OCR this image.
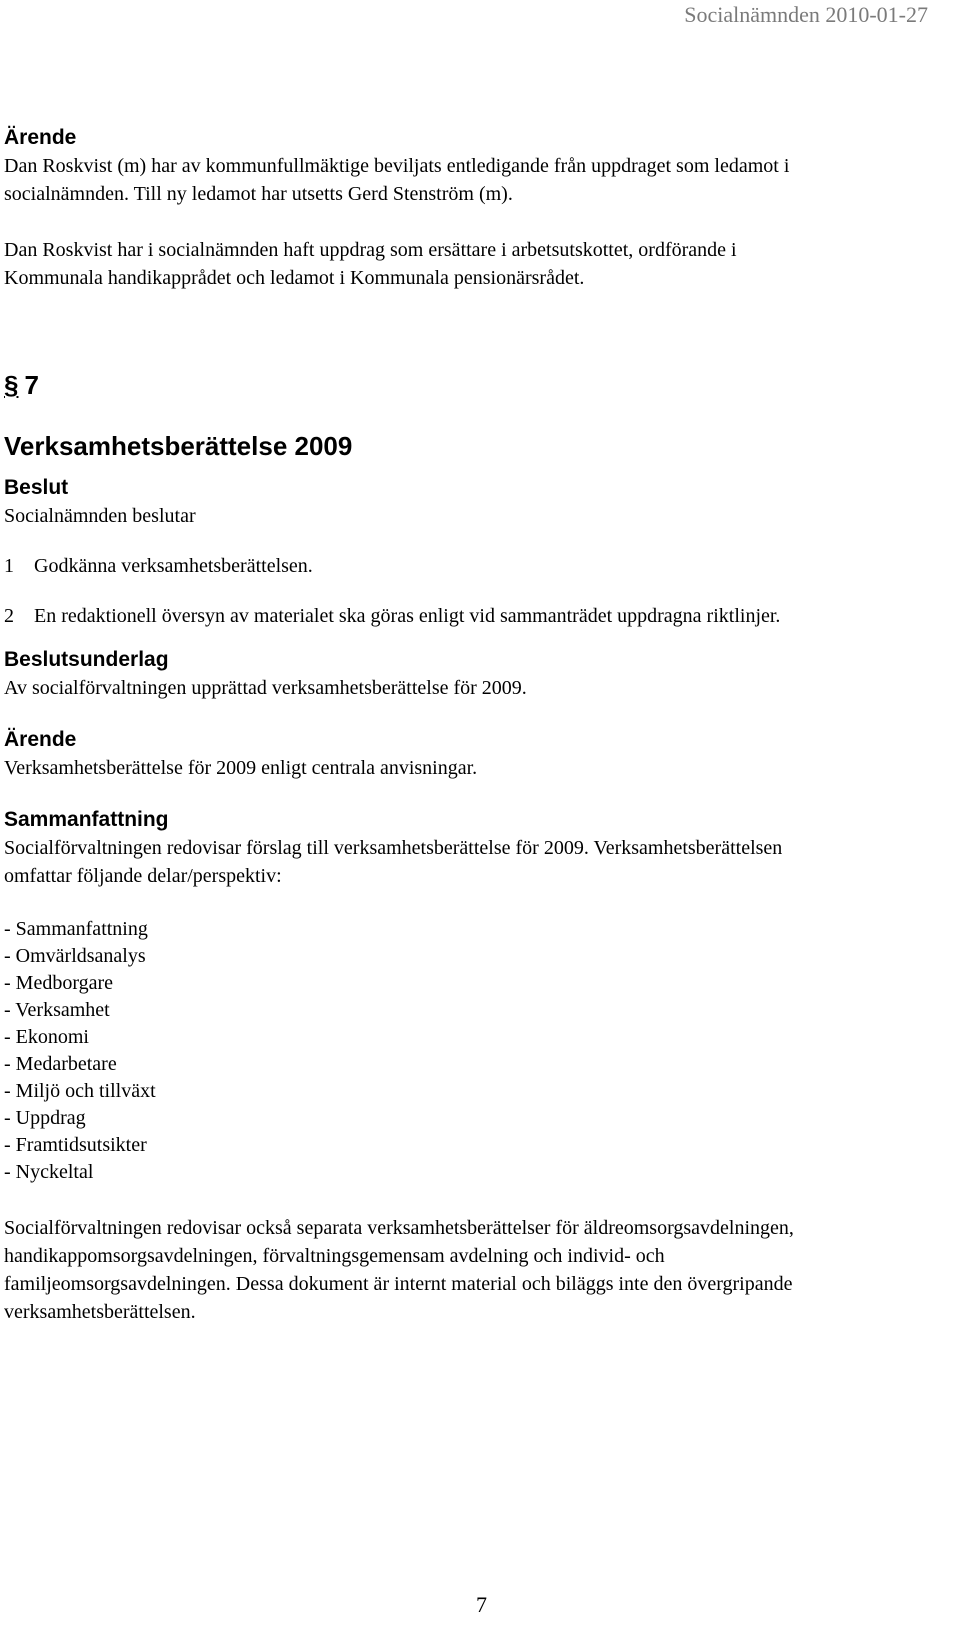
Socialnämnden 2010-01-27

Ärende

Dan Roskvist (m) har av kommunfullmäktige beviljats entledigande från uppdraget som ledamot i

socialnämnden. Till ny ledamot har utsetts Gerd Stenström (m).

Dan Roskvist har i socialnämnden haft uppdrag som ersättare i arbetsutskottet, ordförande i

Kommunala handikapprådet och ledamot i Kommunala pensionärsrådet.

§ 7

Verksamhetsberättelse 2009

Beslut

Socialnämnden beslutar

1 Godkänna verksamhetsberättelsen.

2 En redaktionell översyn av materialet ska göras enligt vid sammanträdet uppdragna riktlinjer.

Beslutsunderlag

Av socialförvaltningen upprättad verksamhetsberättelse för 2009.

Ärende

Verksamhetsberättelse för 2009 enligt centrala anvisningar.

Sammanfattning

Socialförvaltningen redovisar förslag till verksamhetsberättelse för 2009. Verksamhetsberättelsen

omfattar följande delar/perspektiv:

- Sammanfattning
- Omvärldsanalys
- Medborgare
- Verksamhet
- Ekonomi
- Medarbetare
- Miljö och tillväxt
- Uppdrag
- Framtidsutsikter
- Nyckeltal

Socialförvaltningen redovisar också separata verksamhetsberättelser för äldreomsorgsavdelningen,

handikappomsorgsavdelningen, förvaltningsgemensam avdelning och individ- och

familjeomsorgsavdelningen. Dessa dokument är internt material och biläggs inte den övergripande

verksamhetsberättelsen.

7
